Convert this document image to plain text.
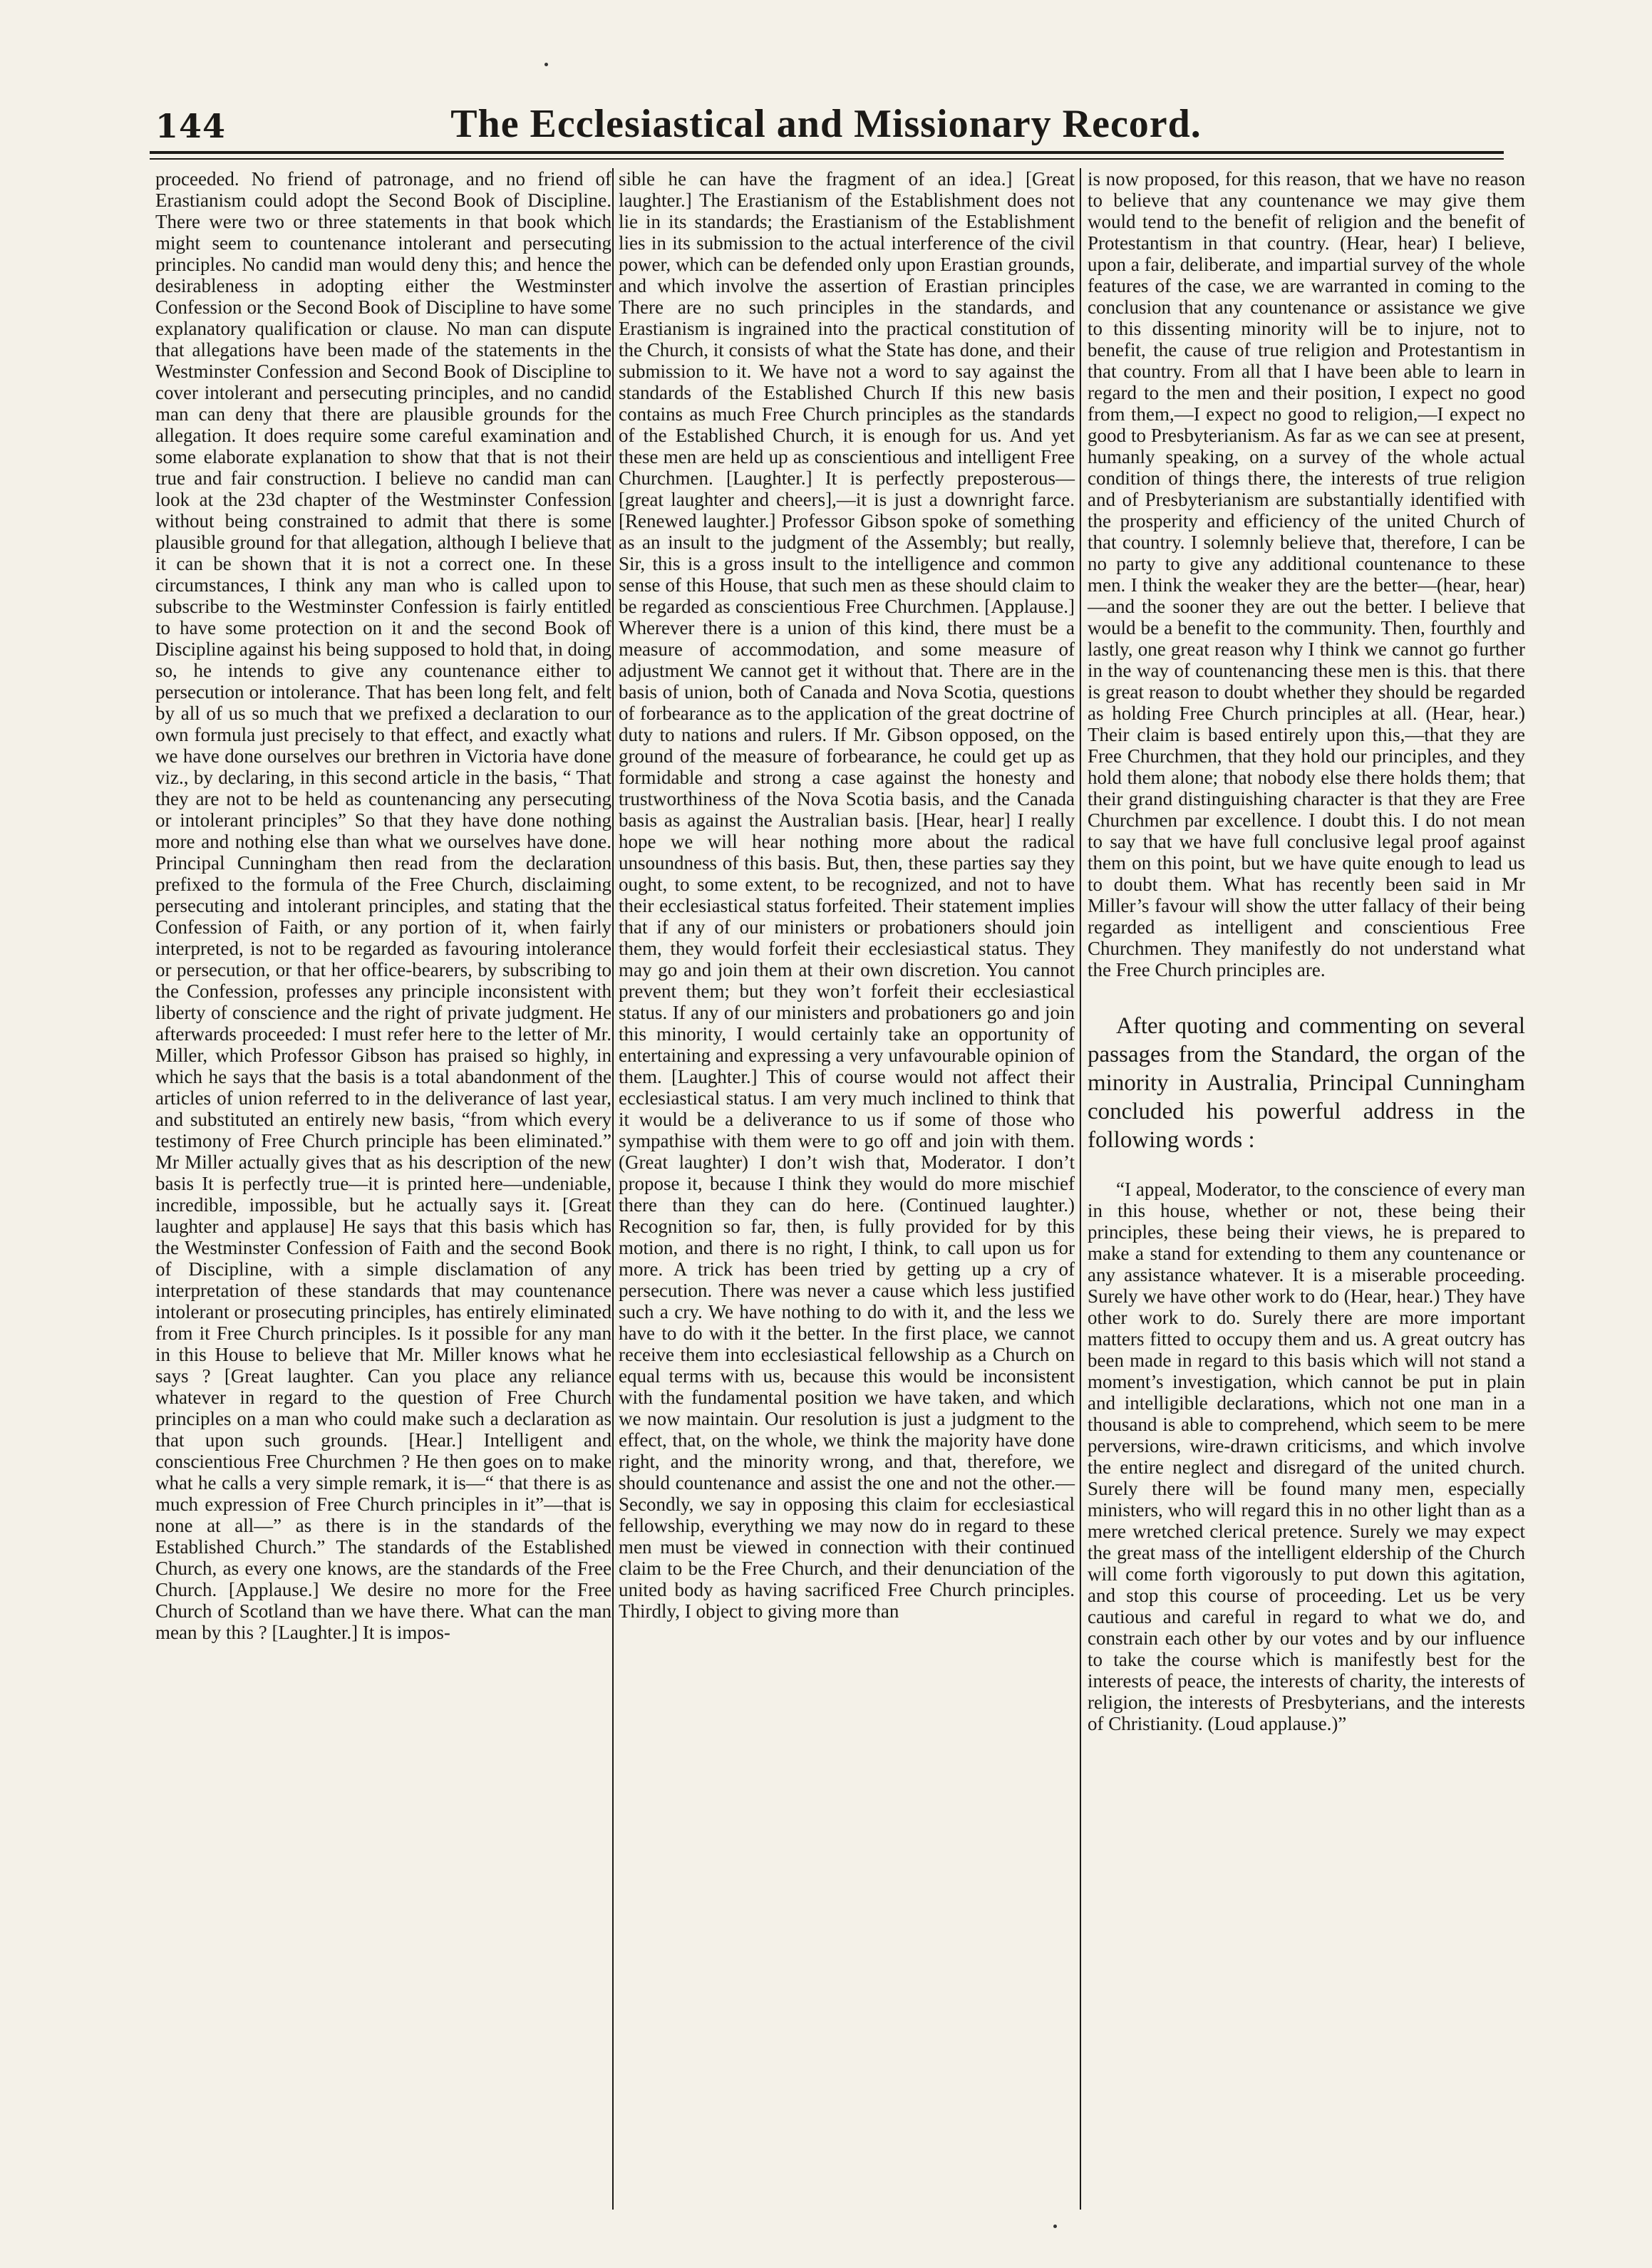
144	The Ecclesiastical and Missionary Record.

proceeded. No friend of patronage, and no friend of Erastianism could adopt the Second Book of Discipline. There were two or three statements in that book which might seem to countenance intolerant and persecuting principles. No candid man would deny this; and hence the desirableness in adopting either the Westminster Confession or the Second Book of Discipline to have some explanatory qualification or clause. No man can dispute that allegations have been made of the statements in the Westminster Confession and Second Book of Discipline to cover intolerant and persecuting principles, and no candid man can deny that there are plausible grounds for the allegation. It does require some careful examination and some elaborate explanation to show that that is not their true and fair construction. I believe no candid man can look at the 23d chapter of the Westminster Confession without being constrained to admit that there is some plausible ground for that allegation, although I believe that it can be shown that it is not a correct one. In these circumstances, I think any man who is called upon to subscribe to the Westminster Confession is fairly entitled to have some protection on it and the second Book of Discipline against his being supposed to hold that, in doing so, he intends to give any countenance either to persecution or intolerance. That has been long felt, and felt by all of us so much that we prefixed a declaration to our own formula just precisely to that effect, and exactly what we have done ourselves our brethren in Victoria have done viz., by declaring, in this second article in the basis, “ That they are not to be held as countenancing any persecuting or intolerant principles” So that they have done nothing more and nothing else than what we ourselves have done. Principal Cunningham then read from the declaration prefixed to the formula of the Free Church, disclaiming persecuting and intolerant principles, and stating that the Confession of Faith, or any portion of it, when fairly interpreted, is not to be regarded as favouring intolerance or persecution, or that her office-bearers, by subscribing to the Confession, professes any principle inconsistent with liberty of conscience and the right of private judgment. He afterwards proceeded: I must refer here to the letter of Mr. Miller, which Professor Gibson has praised so highly, in which he says that the basis is a total abandonment of the articles of union referred to in the deliverance of last year, and substituted an entirely new basis, “from which every testimony of Free Church principle has been eliminated.” Mr Miller actually gives that as his description of the new basis It is perfectly true—it is printed here—undeniable, incredible, impossible, but he actually says it. [Great laughter and applause] He says that this basis which has the Westminster Confession of Faith and the second Book of Discipline, with a simple disclamation of any interpretation of these standards that may countenance intolerant or prosecuting principles, has entirely eliminated from it Free Church principles. Is it possible for any man in this House to believe that Mr. Miller knows what he says ? [Great laughter. Can you place any reliance whatever in regard to the question of Free Church principles on a man who could make such a declaration as that upon such grounds. [Hear.] Intelligent and conscientious Free Churchmen ? He then goes on to make what he calls a very simple remark, it is—“ that there is as much expression of Free Church principles in it”—that is none at all—” as there is in the standards of the Established Church.” The standards of the Established Church, as every one knows, are the standards of the Free Church. [Applause.] We desire no more for the Free Church of Scotland than we have there. What can the man mean by this ? [Laughter.] It is impos-

sible he can have the fragment of an idea.] [Great laughter.] The Erastianism of the Establishment does not lie in its standards; the Erastianism of the Establishment lies in its submission to the actual interference of the civil power, which can be defended only upon Erastian grounds, and which involve the assertion of Erastian principles There are no such principles in the standards, and Erastianism is ingrained into the practical constitution of the Church, it consists of what the State has done, and their submission to it. We have not a word to say against the standards of the Established Church If this new basis contains as much Free Church principles as the standards of the Established Church, it is enough for us. And yet these men are held up as conscientious and intelligent Free Churchmen. [Laughter.] It is perfectly preposterous—[great laughter and cheers],—it is just a downright farce. [Renewed laughter.] Professor Gibson spoke of something as an insult to the judgment of the Assembly; but really, Sir, this is a gross insult to the intelligence and common sense of this House, that such men as these should claim to be regarded as conscientious Free Churchmen. [Applause.] Wherever there is a union of this kind, there must be a measure of accommodation, and some measure of adjustment We cannot get it without that. There are in the basis of union, both of Canada and Nova Scotia, questions of forbearance as to the application of the great doctrine of duty to nations and rulers. If Mr. Gibson opposed, on the ground of the measure of forbearance, he could get up as formidable and strong a case against the honesty and trustworthiness of the Nova Scotia basis, and the Canada basis as against the Australian basis. [Hear, hear] I really hope we will hear nothing more about the radical unsoundness of this basis. But, then, these parties say they ought, to some extent, to be recognized, and not to have their ecclesiastical status forfeited. Their statement implies that if any of our ministers or probationers should join them, they would forfeit their ecclesiastical status. They may go and join them at their own discretion. You cannot prevent them; but they won’t forfeit their ecclesiastical status. If any of our ministers and probationers go and join this minority, I would certainly take an opportunity of entertaining and expressing a very unfavourable opinion of them. [Laughter.] This of course would not affect their ecclesiastical status. I am very much inclined to think that it would be a deliverance to us if some of those who sympathise with them were to go off and join with them. (Great laughter) I don’t wish that, Moderator. I don’t propose it, because I think they would do more mischief there than they can do here. (Continued laughter.) Recognition so far, then, is fully provided for by this motion, and there is no right, I think, to call upon us for more. A trick has been tried by getting up a cry of persecution. There was never a cause which less justified such a cry. We have nothing to do with it, and the less we have to do with it the better. In the first place, we cannot receive them into ecclesiastical fellowship as a Church on equal terms with us, because this would be inconsistent with the fundamental position we have taken, and which we now maintain. Our resolution is just a judgment to the effect, that, on the whole, we think the majority have done right, and the minority wrong, and that, therefore, we should countenance and assist the one and not the other.—Secondly, we say in opposing this claim for ecclesiastical fellowship, everything we may now do in regard to these men must be viewed in connection with their continued claim to be the Free Church, and their denunciation of the united body as having sacrificed Free Church principles. Thirdly, I object to giving more than

is now proposed, for this reason, that we have no reason to believe that any countenance we may give them would tend to the benefit of religion and the benefit of Protestantism in that country. (Hear, hear) I believe, upon a fair, deliberate, and impartial survey of the whole features of the case, we are warranted in coming to the conclusion that any countenance or assistance we give to this dissenting minority will be to injure, not to benefit, the cause of true religion and Protestantism in that country. From all that I have been able to learn in regard to the men and their position, I expect no good from them,—I expect no good to religion,—I expect no good to Presbyterianism. As far as we can see at present, humanly speaking, on a survey of the whole actual condition of things there, the interests of true religion and of Presbyterianism are substantially identified with the prosperity and efficiency of the united Church of that country. I solemnly believe that, therefore, I can be no party to give any additional countenance to these men. I think the weaker they are the better—(hear, hear)—and the sooner they are out the better. I believe that would be a benefit to the community. Then, fourthly and lastly, one great reason why I think we cannot go further in the way of countenancing these men is this. that there is great reason to doubt whether they should be regarded as holding Free Church principles at all. (Hear, hear.) Their claim is based entirely upon this,—that they are Free Churchmen, that they hold our principles, and they hold them alone; that nobody else there holds them; that their grand distinguishing character is that they are Free Churchmen par excellence. I doubt this. I do not mean to say that we have full conclusive legal proof against them on this point, but we have quite enough to lead us to doubt them. What has recently been said in Mr Miller’s favour will show the utter fallacy of their being regarded as intelligent and conscientious Free Churchmen. They manifestly do not understand what the Free Church principles are.

After quoting and commenting on several passages from the Standard, the organ of the minority in Australia, Principal Cunningham concluded his powerful address in the following words :

“I appeal, Moderator, to the conscience of every man in this house, whether or not, these being their principles, these being their views, he is prepared to make a stand for extending to them any countenance or any assistance whatever. It is a miserable proceeding. Surely we have other work to do (Hear, hear.) They have other work to do. Surely there are more important matters fitted to occupy them and us. A great outcry has been made in regard to this basis which will not stand a moment’s investigation, which cannot be put in plain and intelligible declarations, which not one man in a thousand is able to comprehend, which seem to be mere perversions, wire-drawn criticisms, and which involve the entire neglect and disregard of the united church. Surely there will be found many men, especially ministers, who will regard this in no other light than as a mere wretched clerical pretence. Surely we may expect the great mass of the intelligent eldership of the Church will come forth vigorously to put down this agitation, and stop this course of proceeding. Let us be very cautious and careful in regard to what we do, and constrain each other by our votes and by our influence to take the course which is manifestly best for the interests of peace, the interests of charity, the interests of religion, the interests of Presbyterians, and the interests of Christianity. (Loud applause.)”
